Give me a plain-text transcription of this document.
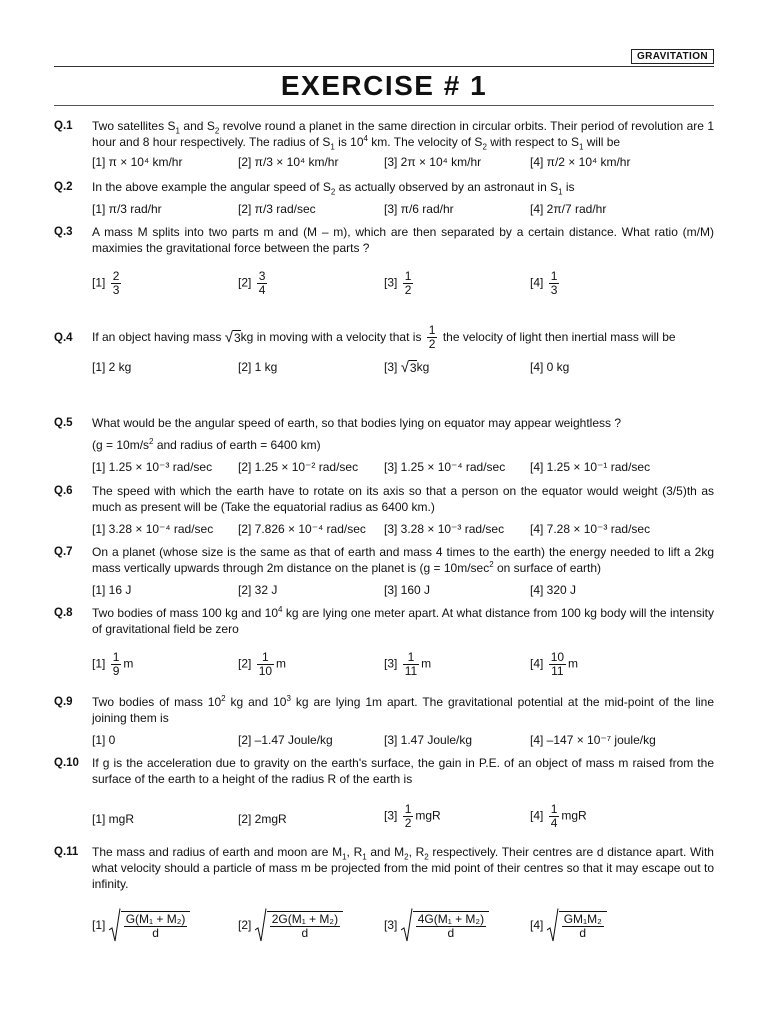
GRAVITATION
EXERCISE # 1
Q.1 Two satellites $S_1$ and $S_2$ revolve round a planet in the same direction in circular orbits. Their period of revolution are 1 hour and 8 hour respectively. The radius of $S_1$ is $10^4$ km. The velocity of $S_2$ with respect to $S_1$ will be
[1] π × 10⁴ km/hr	[2] π/3 × 10⁴ km/hr	[3] 2π × 10⁴ km/hr	[4] π/2 × 10⁴ km/hr
Q.2 In the above example the angular speed of $S_2$ as actually observed by an astronaut in $S_1$ is
[1] π/3 rad/hr	[2] π/3 rad/sec	[3] π/6 rad/hr	[4] 2π/7 rad/hr
Q.3 A mass M splits into two parts m and (M – m), which are then separated by a certain distance. What ratio (m/M) maximies the gravitational force between the parts ?
$[1] \frac{2}{3}$	$[2] \frac{3}{4}$	$[3] \frac{1}{2}$	$[4] \frac{1}{3}$
Q.4 If an object having mass √3kg in moving with a velocity that is $\frac{1}{2}$ the velocity of light then inertial mass will be
[1] 2 kg	[2] 1 kg	[3] √3kg	[4] 0 kg
Q.5 What would be the angular speed of earth, so that bodies lying on equator may appear weightless ?
($g = 10m/s^2$ and radius of earth = 6400 km)
[1] 1.25 × 10⁻³ rad/sec [2] 1.25 × 10⁻² rad/sec [3] 1.25 × 10⁻⁴ rad/sec [4] 1.25 × 10⁻¹ rad/sec
Q.6 The speed with which the earth have to rotate on its axis so that a person on the equator would weight (3/5)th as much as present will be (Take the equatorial radius as 6400 km.)
[1] 3.28 × 10⁻⁴ rad/sec [2] 7.826 × 10⁻⁴ rad/sec [3] 3.28 × 10⁻³ rad/sec [4] 7.28 × 10⁻³ rad/sec
Q.7 On a planet (whose size is the same as that of earth and mass 4 times to the earth) the energy needed to lift a 2kg mass vertically upwards through 2m distance on the planet is ($g = 10m/\sec^2$ on surface of earth)
[1] 16 J	[2] 32 J	[3] 160 J	[4] 320 J
Q.8 Two bodies of mass 100 kg and $10^4$ kg are lying one meter apart. At what distance from 100 kg body will the intensity of gravitational field be zero
$[1] \frac{1}{9}$ m	$[2] \frac{1}{10}$ m	$[3] \frac{1}{11}$ m	$[4] \frac{10}{11}$ m
Q.9 Two bodies of mass $10^2$ kg and $10^3$ kg are lying 1m apart. The gravitational potential at the mid-point of the line joining them is
[1] 0	[2] –1.47 Joule/kg	[3] 1.47 Joule/kg	[4] –147 × 10⁻⁷ joule/kg
Q.10 If g is the acceleration due to gravity on the earth's surface, the gain in P.E. of an object of mass m raised from the surface of the earth to a height of the radius R of the earth is
[1] mgR	[2] 2mgR	$[3] \frac{1}{2}$ mgR	$[4] \frac{1}{4}$ mgR
Q.11 The mass and radius of earth and moon are $M_1$, $R_1$ and $M_2$, $R_2$ respectively. Their centres are d distance apart. With what velocity should a particle of mass m be projected from the mid point of their centres so that it may escape out to infinity.
$[1] \frac{\text{G(M₁ + M₂)}}{d}$	$[2] \frac{\text{2G(M₁ + M₂)}}{d}$	$[3] \frac{\text{4G(M₁ + M₂)}}{d}$	$[4] \frac{\text{GM₁M₂}}{d}$
